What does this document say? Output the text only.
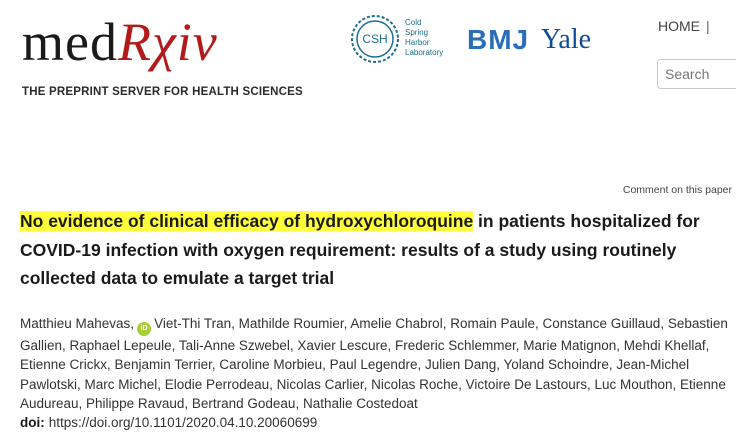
medRχiv
THE PREPRINT SERVER FOR HEALTH SCIENCES
CSH
Cold
Spring
Harbor
Laboratory BMJ Yale	HOME |
Search
Comment on this paper
No evidence of clinical efficacy of hydroxychloroquine in patients hospitalized for COVID-19 infection with oxygen requirement: results of a study using routinely collected data to emulate a target trial
Matthieu Mahevas, iD Viet-Thi Tran, Mathilde Roumier, Amelie Chabrol, Romain Paule, Constance Guillaud, Sebastien Gallien, Raphael Lepeule, Tali-Anne Szwebel, Xavier Lescure, Frederic Schlemmer, Marie Matignon, Mehdi Khellaf, Etienne Crickx, Benjamin Terrier, Caroline Morbieu, Paul Legendre, Julien Dang, Yoland Schoindre, Jean-Michel Pawlotski, Marc Michel, Elodie Perrodeau, Nicolas Carlier, Nicolas Roche, Victoire De Lastours, Luc Mouthon, Etienne Audureau, Philippe Ravaud, Bertrand Godeau, Nathalie Costedoat
doi: https://doi.org/10.1101/2020.04.10.20060699
